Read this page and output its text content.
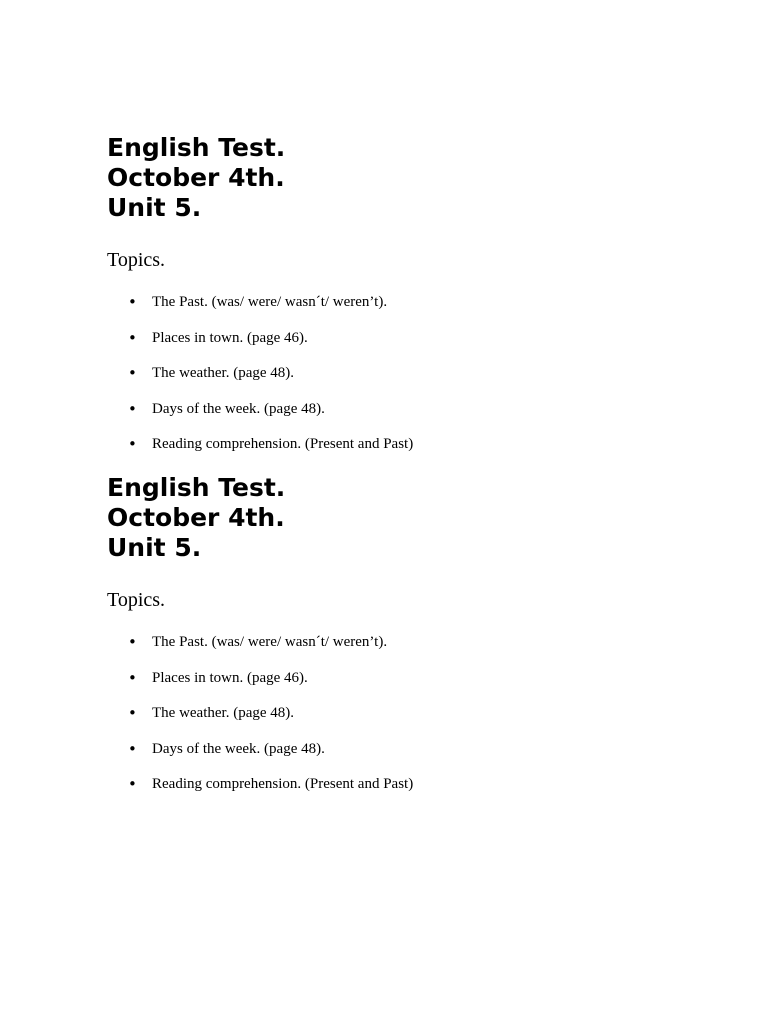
English Test.

October 4th.

Unit 5.

Topics.

• The Past. (was/ were/ wasn´t/ weren’t).
• Places in town. (page 46).
• The weather. (page 48).
• Days of the week. (page 48).
• Reading comprehension. (Present and Past)

English Test.

October 4th.

Unit 5.

Topics.

• The Past. (was/ were/ wasn´t/ weren’t).
• Places in town. (page 46).
• The weather. (page 48).
• Days of the week. (page 48).
• Reading comprehension. (Present and Past)
